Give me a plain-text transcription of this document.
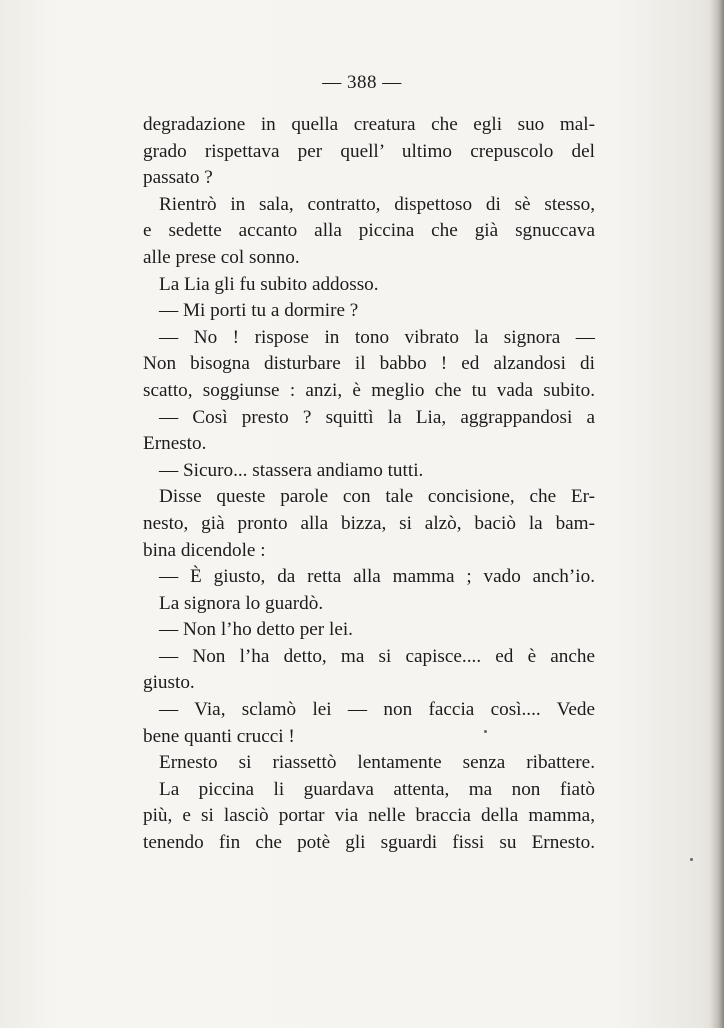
— 388 —
degradazione in quella creatura che egli suo mal-
grado rispettava per quell’ ultimo crepuscolo del
passato ?
Rientrò in sala, contratto, dispettoso di sè stesso,
e sedette accanto alla piccina che già sgnuccava
alle prese col sonno.
La Lia gli fu subito addosso.
— Mi porti tu a dormire ?
— No ! rispose in tono vibrato la signora —
Non bisogna disturbare il babbo ! ed alzandosi di
scatto, soggiunse : anzi, è meglio che tu vada subito.
— Così presto ? squittì la Lia, aggrappandosi a
Ernesto.
— Sicuro... stassera andiamo tutti.
Disse queste parole con tale concisione, che Er-
nesto, già pronto alla bizza, si alzò, baciò la bam-
bina dicendole :
— È giusto, da retta alla mamma ; vado anch’io.
La signora lo guardò.
— Non l’ho detto per lei.
— Non l’ha detto, ma si capisce.... ed è anche
giusto.
— Via, sclamò lei — non faccia così.... Vede
bene quanti crucci !
Ernesto si riassettò lentamente senza ribattere.
La piccina li guardava attenta, ma non fiatò
più, e si lasciò portar via nelle braccia della mamma,
tenendo fin che potè gli sguardi fissi su Ernesto.
